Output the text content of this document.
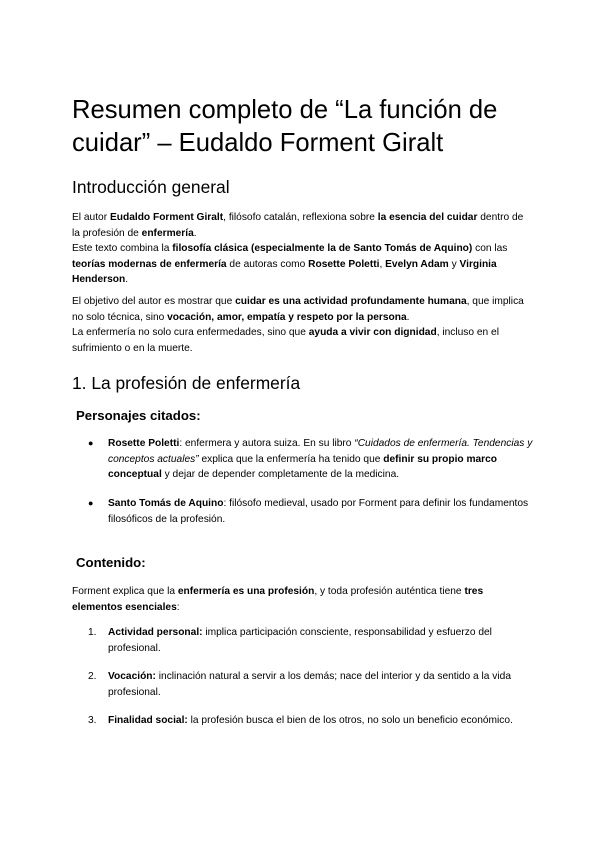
Resumen completo de “La función de cuidar” – Eudaldo Forment Giralt
Introducción general

El autor Eudaldo Forment Giralt, filósofo catalán, reflexiona sobre la esencia del cuidar dentro de la profesión de enfermería.
Este texto combina la filosofía clásica (especialmente la de Santo Tomás de Aquino) con las teorías modernas de enfermería de autoras como Rosette Poletti, Evelyn Adam y Virginia Henderson.

El objetivo del autor es mostrar que cuidar es una actividad profundamente humana, que implica no solo técnica, sino vocación, amor, empatía y respeto por la persona.
La enfermería no solo cura enfermedades, sino que ayuda a vivir con dignidad, incluso en el sufrimiento o en la muerte.

1. La profesión de enfermería
Personajes citados:
● Rosette Poletti: enfermera y autora suiza. En su libro “Cuidados de enfermería. Tendencias y conceptos actuales” explica que la enfermería ha tenido que definir su propio marco conceptual y dejar de depender completamente de la medicina.

● Santo Tomás de Aquino: filósofo medieval, usado por Forment para definir los fundamentos filosóficos de la profesión.

Contenido:

Forment explica que la enfermería es una profesión, y toda profesión auténtica tiene tres elementos esenciales:

1. Actividad personal: implica participación consciente, responsabilidad y esfuerzo del profesional.

2. Vocación: inclinación natural a servir a los demás; nace del interior y da sentido a la vida profesional.

3. Finalidad social: la profesión busca el bien de los otros, no solo un beneficio económico.
